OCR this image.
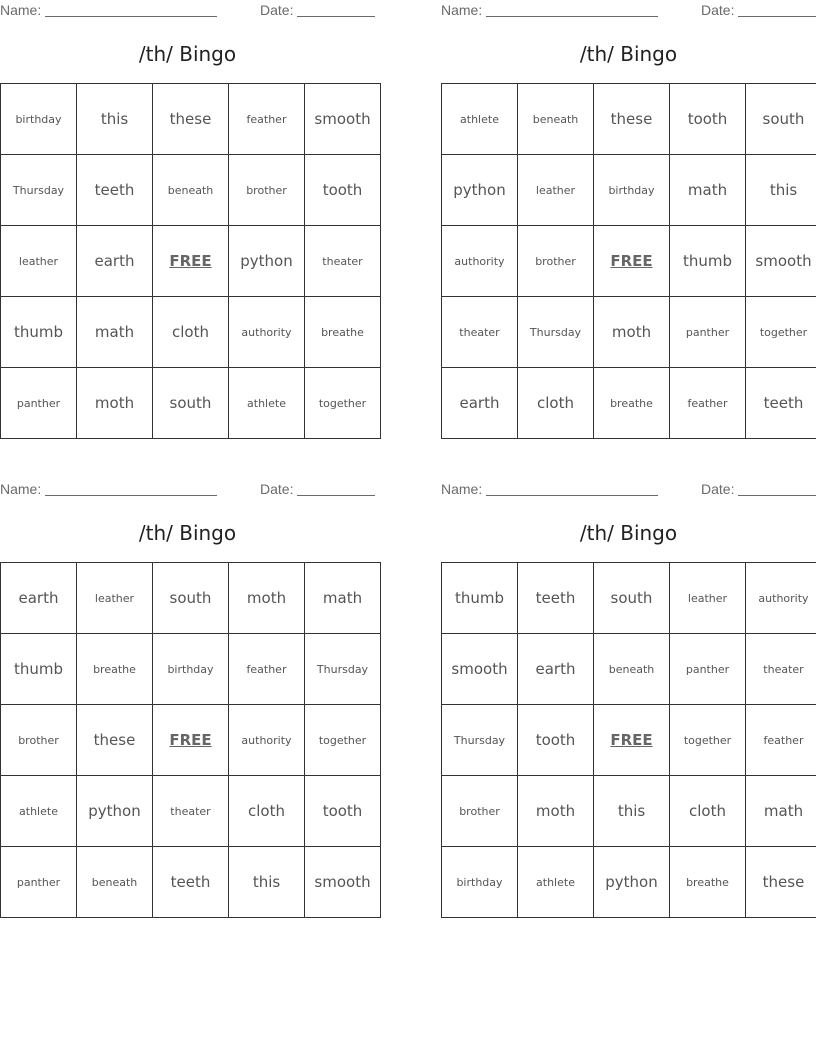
Name:	Date:
/th/ Bingo
birthday	this	these	feather	smooth
Thursday	teeth	beneath	brother	tooth
leather	earth	FREE	python	theater
thumb	math	cloth	authority	breathe
panther	moth	south	athlete	together
Name:	Date:
/th/ Bingo
athlete	beneath	these	tooth	south
python	leather	birthday	math	this
authority	brother	FREE	thumb	smooth
theater	Thursday	moth	panther	together
earth	cloth	breathe	feather	teeth
Name:	Date:
/th/ Bingo
earth	leather	south	moth	math
thumb	breathe	birthday	feather	Thursday
brother	these	FREE	authority	together
athlete	python	theater	cloth	tooth
panther	beneath	teeth	this	smooth
Name:	Date:
/th/ Bingo
thumb	teeth	south	leather	authority
smooth	earth	beneath	panther	theater
Thursday	tooth	FREE	together	feather
brother	moth	this	cloth	math
birthday	athlete	python	breathe	these
